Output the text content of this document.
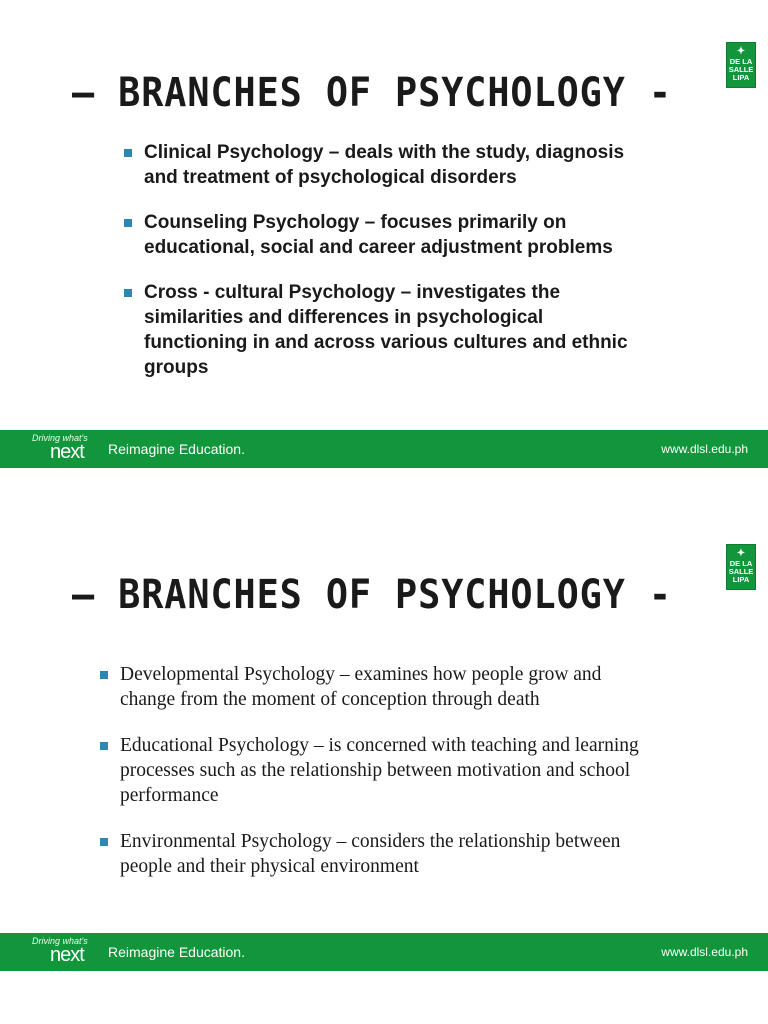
✦
DE LA
SALLE
LIPA
– BRANCHES OF PSYCHOLOGY -
Clinical Psychology – deals with the study, diagnosis and treatment of psychological disorders
Counseling Psychology – focuses primarily on educational, social and career adjustment problems
Cross - cultural Psychology – investigates the similarities and differences in psychological functioning in and across various cultures and ethnic groups
Driving what's
next Reimagine Education.	www.dlsl.edu.ph
✦
DE LA
SALLE
LIPA
– BRANCHES OF PSYCHOLOGY -
Developmental Psychology – examines how people grow and change from the moment of conception through death
Educational Psychology – is concerned with teaching and learning processes such as the relationship between motivation and school performance
Environmental Psychology – considers the relationship between people and their physical environment
Driving what's
next Reimagine Education.	www.dlsl.edu.ph
